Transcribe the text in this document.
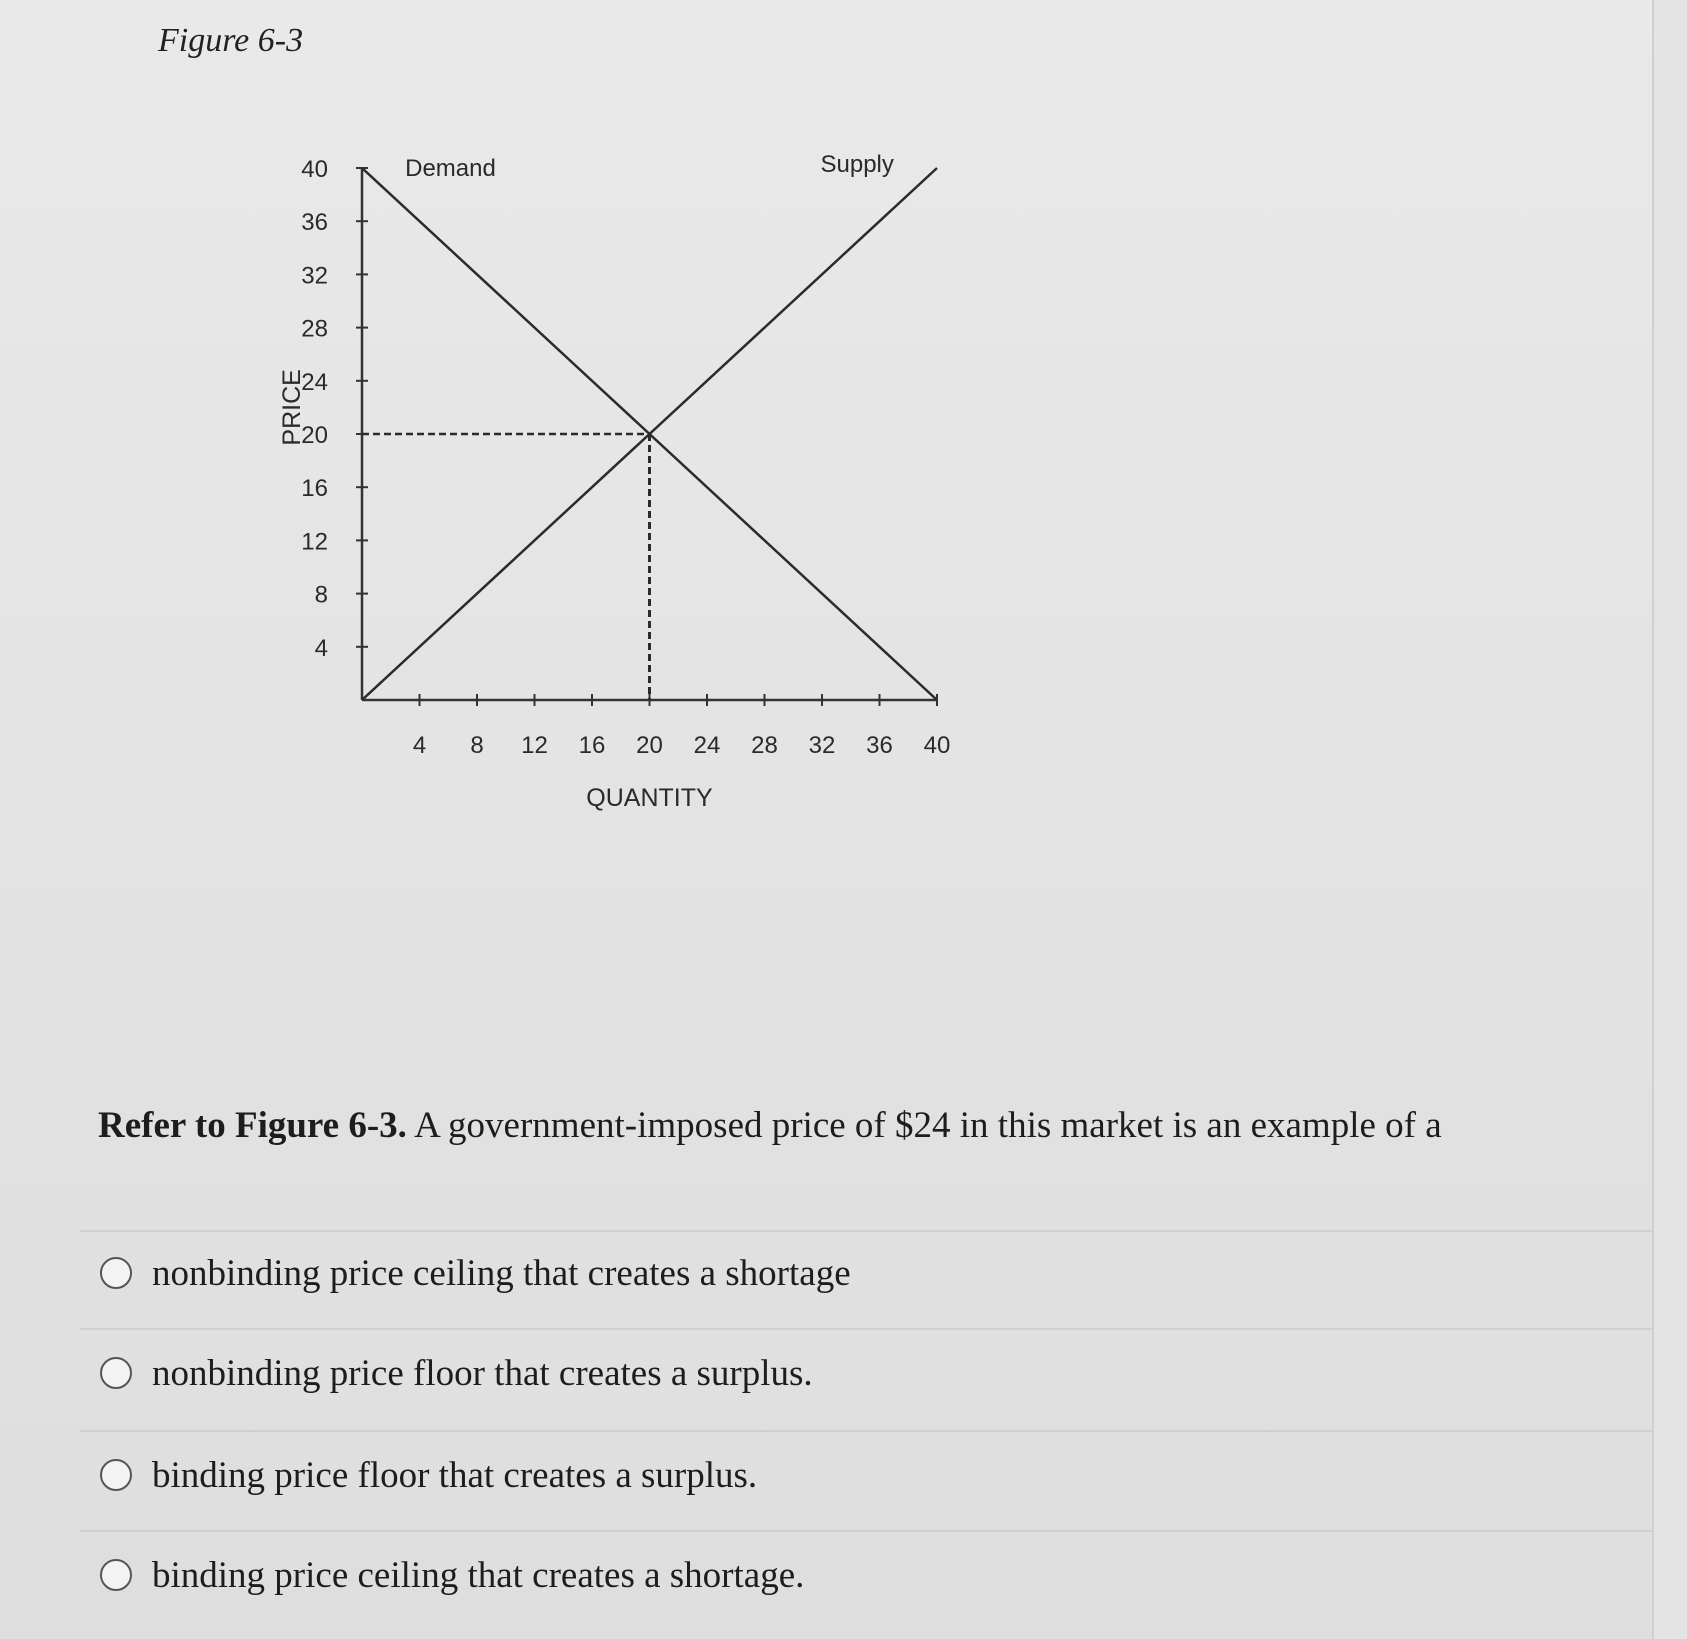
Figure 6-3
4
8
12
16
20
24
28
32
36
40
4 8 12 16 20 24 28 32 36 40
QUANTITY
PRICE
Demand	Supply
Refer to Figure 6-3. A government-imposed price of $24 in this market is an example of a
nonbinding price ceiling that creates a shortage
nonbinding price floor that creates a surplus.
binding price floor that creates a surplus.
binding price ceiling that creates a shortage.
